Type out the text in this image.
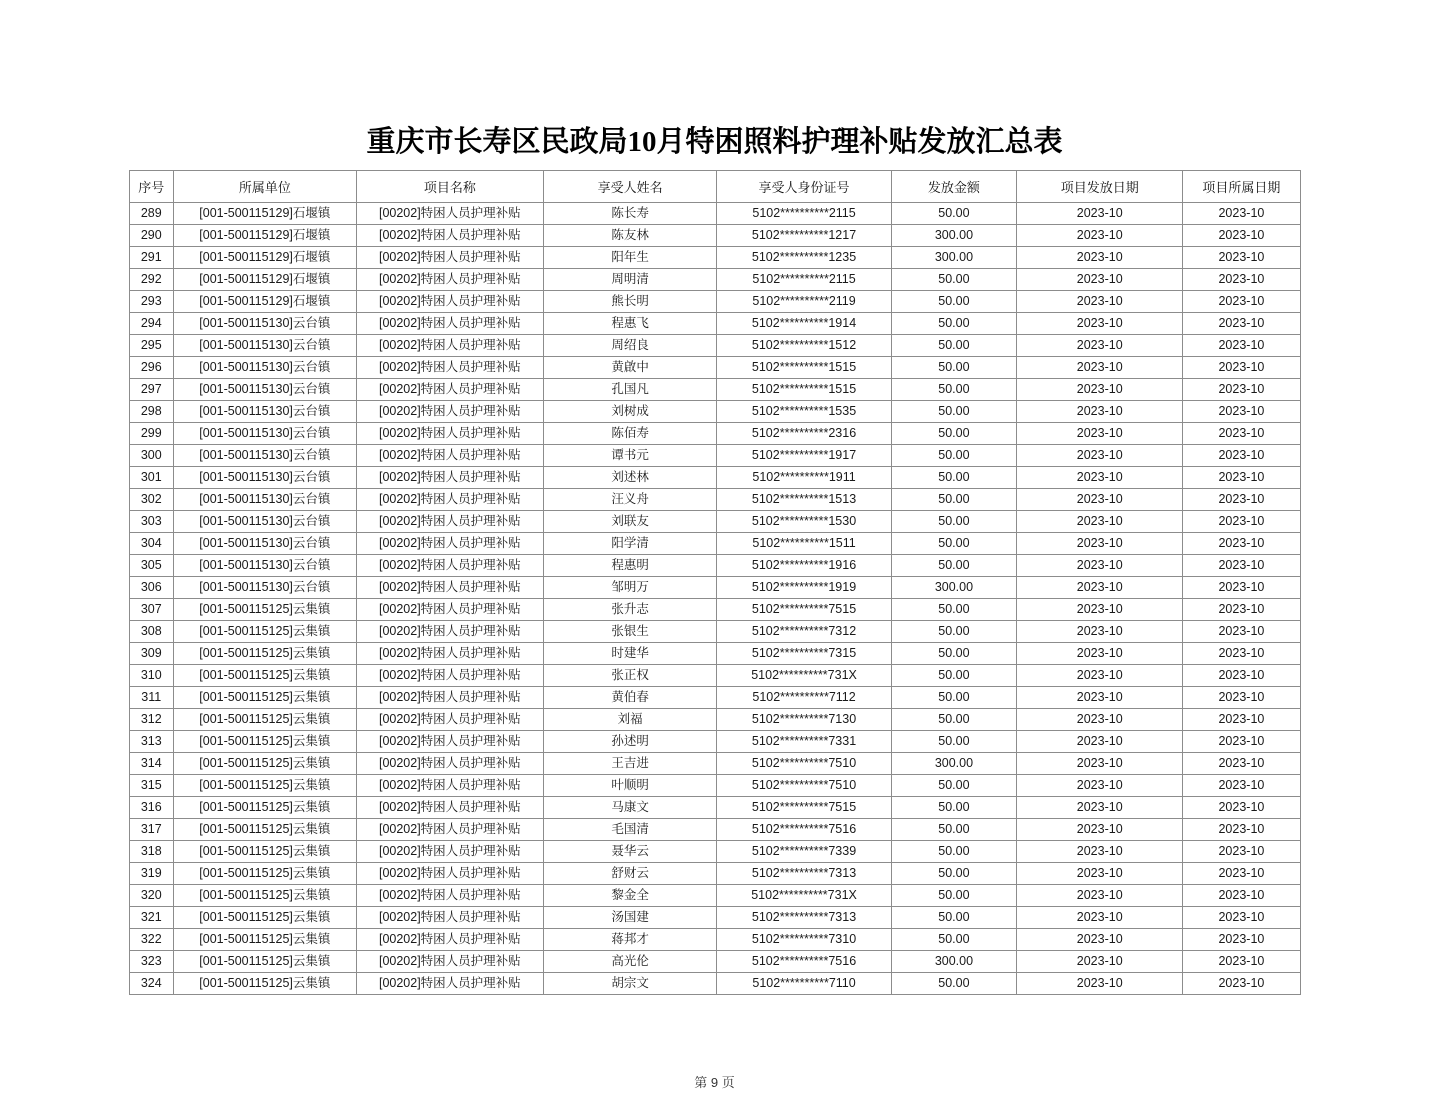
重庆市长寿区民政局10月特困照料护理补贴发放汇总表
序号	所属单位	项目名称	享受人姓名	享受人身份证号	发放金额	项目发放日期	项目所属日期
289	[001-500115129]石堰镇	[00202]特困人员护理补贴	陈长寿	5102**********2115	50.00	2023-10	2023-10
290	[001-500115129]石堰镇	[00202]特困人员护理补贴	陈友林	5102**********1217	300.00	2023-10	2023-10
291	[001-500115129]石堰镇	[00202]特困人员护理补贴	阳年生	5102**********1235	300.00	2023-10	2023-10
292	[001-500115129]石堰镇	[00202]特困人员护理补贴	周明清	5102**********2115	50.00	2023-10	2023-10
293	[001-500115129]石堰镇	[00202]特困人员护理补贴	熊长明	5102**********2119	50.00	2023-10	2023-10
294	[001-500115130]云台镇	[00202]特困人员护理补贴	程惠飞	5102**********1914	50.00	2023-10	2023-10
295	[001-500115130]云台镇	[00202]特困人员护理补贴	周绍良	5102**********1512	50.00	2023-10	2023-10
296	[001-500115130]云台镇	[00202]特困人员护理补贴	黄啟中	5102**********1515	50.00	2023-10	2023-10
297	[001-500115130]云台镇	[00202]特困人员护理补贴	孔国凡	5102**********1515	50.00	2023-10	2023-10
298	[001-500115130]云台镇	[00202]特困人员护理补贴	刘树成	5102**********1535	50.00	2023-10	2023-10
299	[001-500115130]云台镇	[00202]特困人员护理补贴	陈佰寿	5102**********2316	50.00	2023-10	2023-10
300	[001-500115130]云台镇	[00202]特困人员护理补贴	谭书元	5102**********1917	50.00	2023-10	2023-10
301	[001-500115130]云台镇	[00202]特困人员护理补贴	刘述林	5102**********1911	50.00	2023-10	2023-10
302	[001-500115130]云台镇	[00202]特困人员护理补贴	汪义舟	5102**********1513	50.00	2023-10	2023-10
303	[001-500115130]云台镇	[00202]特困人员护理补贴	刘联友	5102**********1530	50.00	2023-10	2023-10
304	[001-500115130]云台镇	[00202]特困人员护理补贴	阳学清	5102**********1511	50.00	2023-10	2023-10
305	[001-500115130]云台镇	[00202]特困人员护理补贴	程惠明	5102**********1916	50.00	2023-10	2023-10
306	[001-500115130]云台镇	[00202]特困人员护理补贴	邹明万	5102**********1919	300.00	2023-10	2023-10
307	[001-500115125]云集镇	[00202]特困人员护理补贴	张升志	5102**********7515	50.00	2023-10	2023-10
308	[001-500115125]云集镇	[00202]特困人员护理补贴	张银生	5102**********7312	50.00	2023-10	2023-10
309	[001-500115125]云集镇	[00202]特困人员护理补贴	时建华	5102**********7315	50.00	2023-10	2023-10
310	[001-500115125]云集镇	[00202]特困人员护理补贴	张正权	5102**********731X	50.00	2023-10	2023-10
311	[001-500115125]云集镇	[00202]特困人员护理补贴	黄伯春	5102**********7112	50.00	2023-10	2023-10
312	[001-500115125]云集镇	[00202]特困人员护理补贴	刘福	5102**********7130	50.00	2023-10	2023-10
313	[001-500115125]云集镇	[00202]特困人员护理补贴	孙述明	5102**********7331	50.00	2023-10	2023-10
314	[001-500115125]云集镇	[00202]特困人员护理补贴	王吉进	5102**********7510	300.00	2023-10	2023-10
315	[001-500115125]云集镇	[00202]特困人员护理补贴	叶顺明	5102**********7510	50.00	2023-10	2023-10
316	[001-500115125]云集镇	[00202]特困人员护理补贴	马康文	5102**********7515	50.00	2023-10	2023-10
317	[001-500115125]云集镇	[00202]特困人员护理补贴	毛国清	5102**********7516	50.00	2023-10	2023-10
318	[001-500115125]云集镇	[00202]特困人员护理补贴	聂华云	5102**********7339	50.00	2023-10	2023-10
319	[001-500115125]云集镇	[00202]特困人员护理补贴	舒财云	5102**********7313	50.00	2023-10	2023-10
320	[001-500115125]云集镇	[00202]特困人员护理补贴	黎金全	5102**********731X	50.00	2023-10	2023-10
321	[001-500115125]云集镇	[00202]特困人员护理补贴	汤国建	5102**********7313	50.00	2023-10	2023-10
322	[001-500115125]云集镇	[00202]特困人员护理补贴	蒋邦才	5102**********7310	50.00	2023-10	2023-10
323	[001-500115125]云集镇	[00202]特困人员护理补贴	高光伦	5102**********7516	300.00	2023-10	2023-10
324	[001-500115125]云集镇	[00202]特困人员护理补贴	胡宗文	5102**********7110	50.00	2023-10	2023-10
第 9 页
